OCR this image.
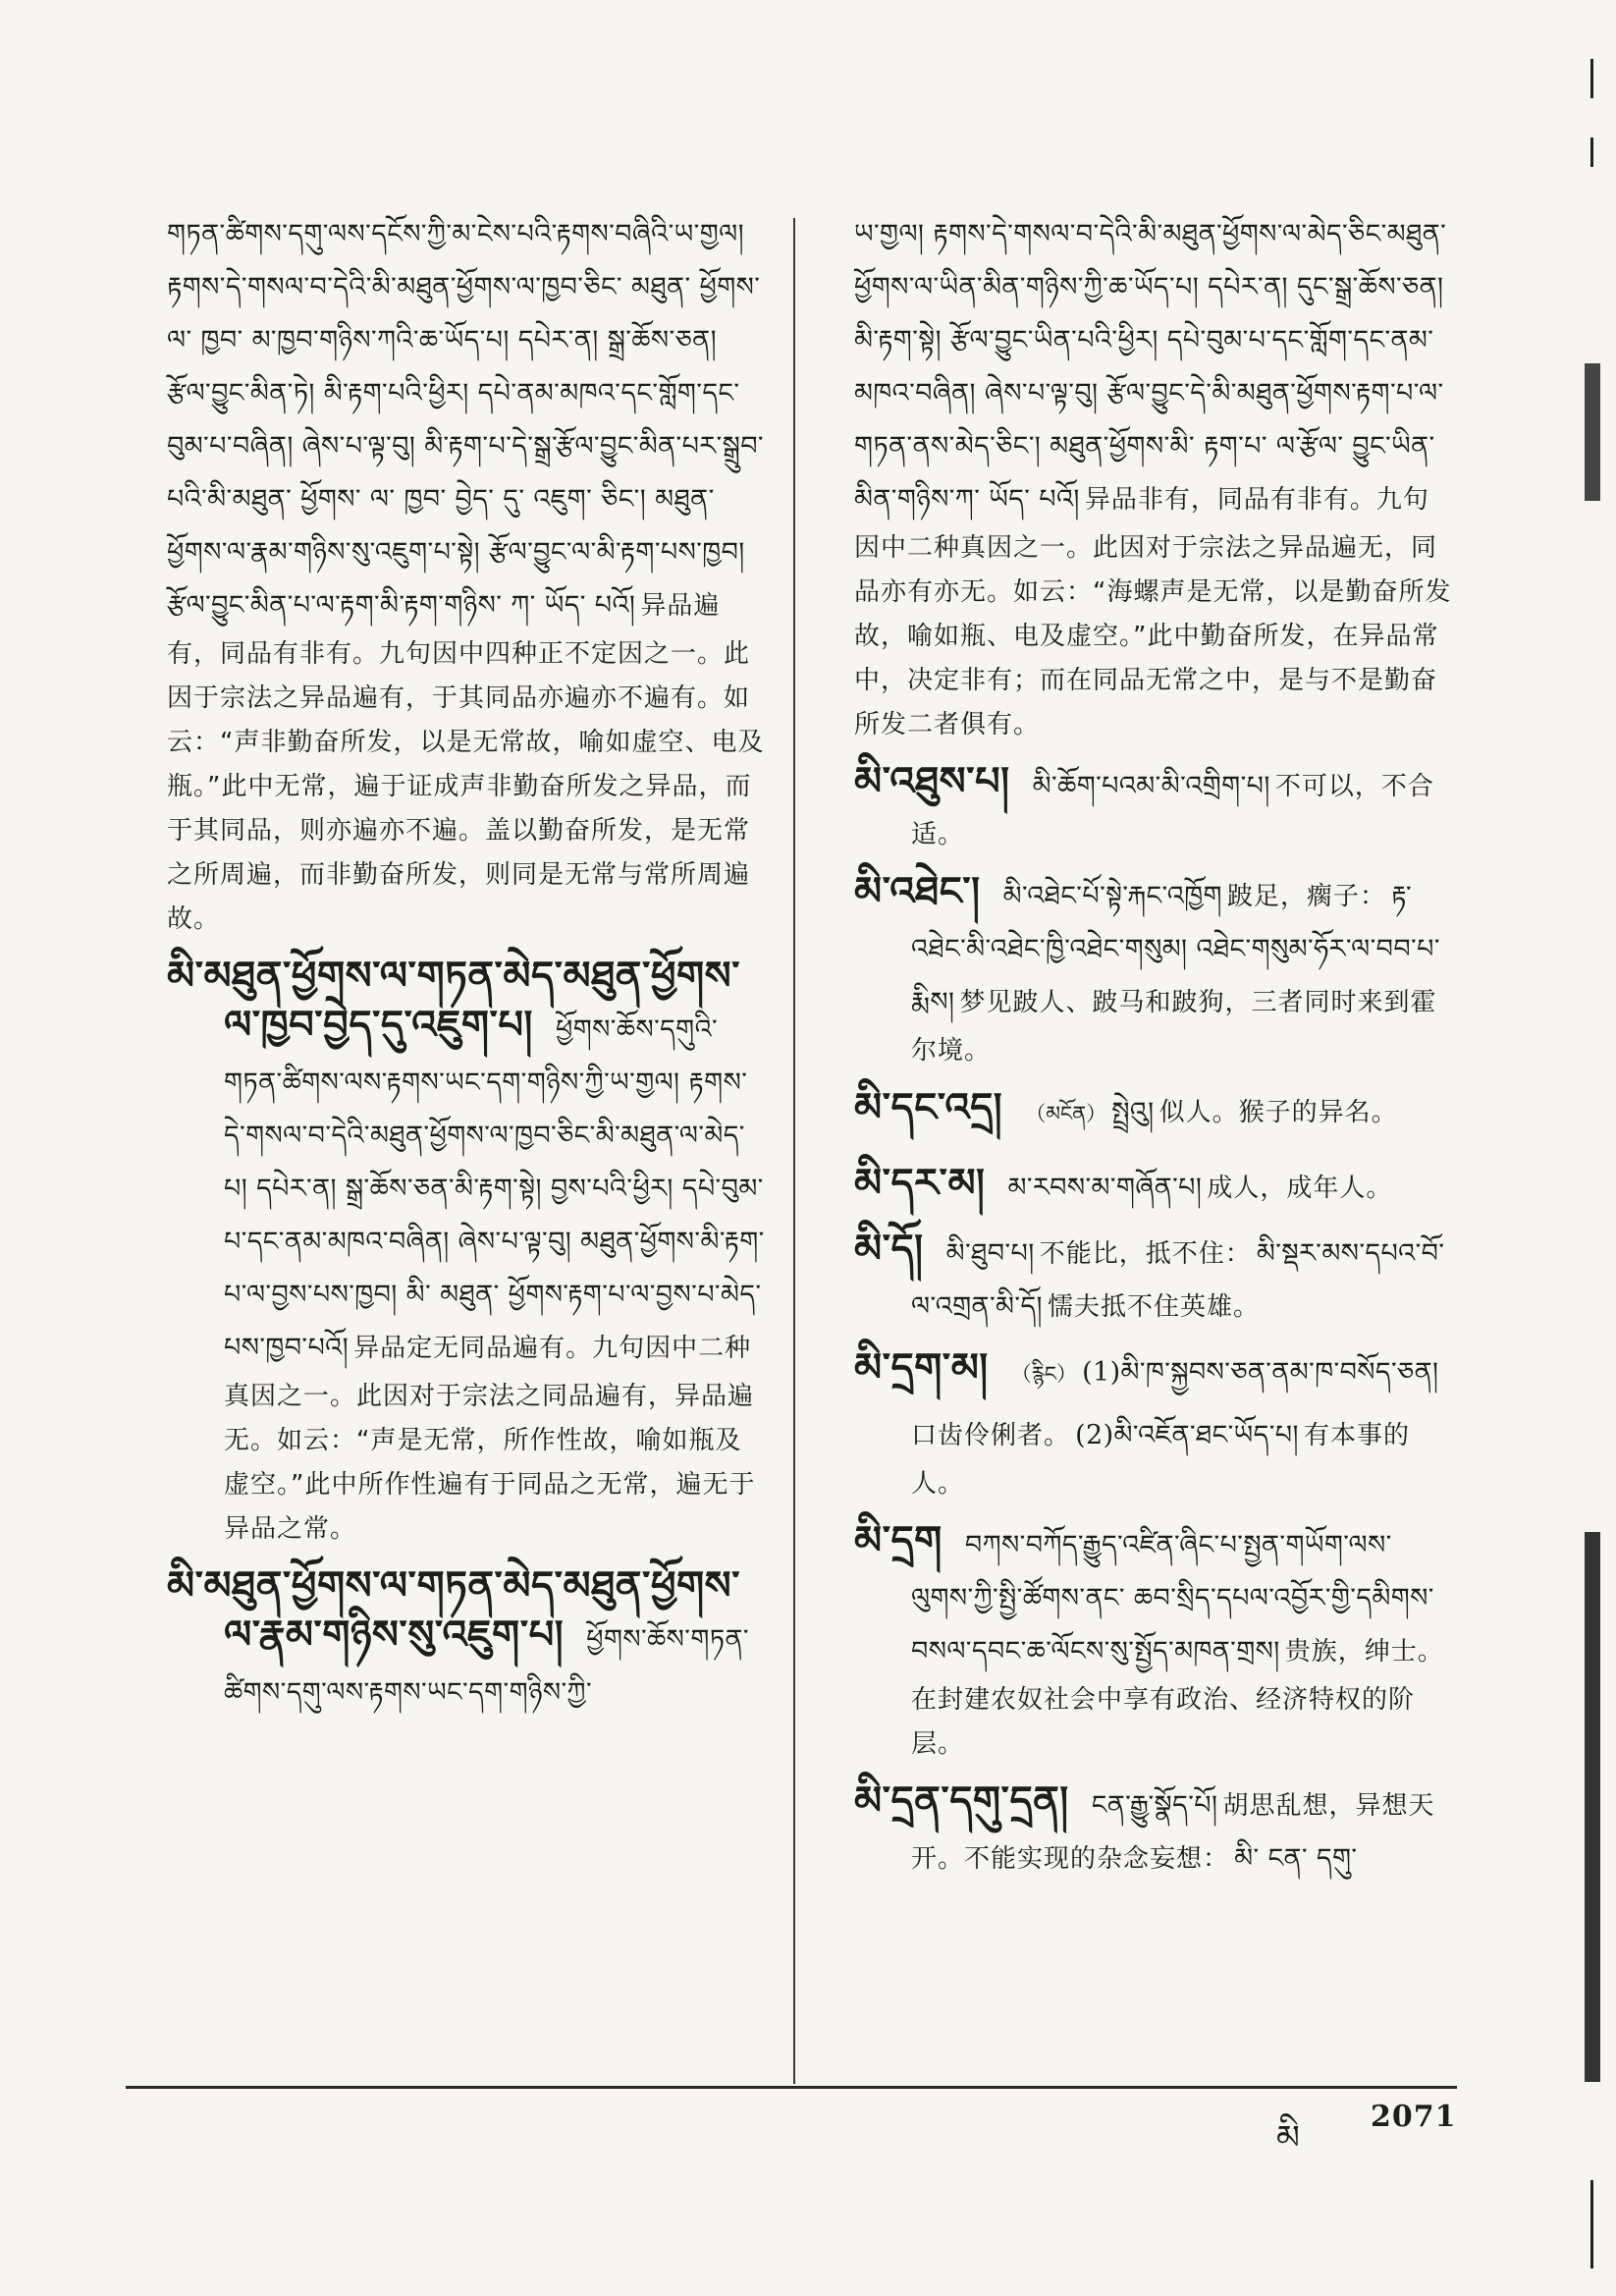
གཏན་ཚིགས་དགུ་ལས་དངོས་ཀྱི་མ་ངེས་པའི་རྟགས་བཞིའི་ཡ་གྱལ། རྟགས་དེ་གསལ་བ་དེའི་མི་མཐུན་ཕྱོགས་ལ་ཁྱབ་ཅིང་ མཐུན་ ཕྱོགས་ལ་ ཁྱབ་ མ་ཁྱབ་གཉིས་ཀའི་ཆ་ཡོད་པ། དཔེར་ན། སྒྲ་ཆོས་ཅན། རྩོལ་བྱུང་མིན་ཏེ། མི་རྟག་པའི་ཕྱིར། དཔེ་ནམ་མཁའ་དང་གློག་དང་བུམ་པ་བཞིན། ཞེས་པ་ལྟ་བུ། མི་རྟག་པ་དེ་སྒྲ་རྩོལ་བྱུང་མིན་པར་སྒྲུབ་པའི་མི་མཐུན་ ཕྱོགས་ ལ་ ཁྱབ་ བྱེད་ དུ་ འཇུག་ ཅིང་། མཐུན་ཕྱོགས་ལ་རྣམ་གཉིས་སུ་འཇུག་པ་སྟེ། རྩོལ་བྱུང་ལ་མི་རྟག་པས་ཁྱབ། རྩོལ་བྱུང་མིན་པ་ལ་རྟག་མི་རྟག་གཉིས་ ཀ་ ཡོད་ པའོ། 异品遍有，同品有非有。九句因中四种正不定因之一。此因于宗法之异品遍有，于其同品亦遍亦不遍有。如云：“声非勤奋所发，以是无常故，喻如虚空、电及瓶。”此中无常，遍于证成声非勤奋所发之异品，而于其同品，则亦遍亦不遍。盖以勤奋所发，是无常之所周遍，而非勤奋所发，则同是无常与常所周遍故。
མི་མཐུན་ཕྱོགས་ལ་གཏན་མེད་མཐུན་ཕྱོགས་ལ་ཁྱབ་བྱེད་དུ་འཇུག་པ། ཕྱོགས་ཆོས་དགུའི་གཏན་ཚིགས་ལས་རྟགས་ཡང་དག་གཉིས་ཀྱི་ཡ་གྱལ། རྟགས་དེ་གསལ་བ་དེའི་མཐུན་ཕྱོགས་ལ་ཁྱབ་ཅིང་མི་མཐུན་ལ་མེད་པ། དཔེར་ན། སྒྲ་ཆོས་ཅན་མི་རྟག་སྟེ། བྱས་པའི་ཕྱིར། དཔེ་བུམ་པ་དང་ནམ་མཁའ་བཞིན། ཞེས་པ་ལྟ་བུ། མཐུན་ཕྱོགས་མི་རྟག་པ་ལ་བྱས་པས་ཁྱབ། མི་ མཐུན་ ཕྱོགས་རྟག་པ་ལ་བྱས་པ་མེད་པས་ཁྱབ་པའོ། 异品定无同品遍有。九句因中二种真因之一。此因对于宗法之同品遍有，异品遍无。如云：“声是无常，所作性故，喻如瓶及虚空。”此中所作性遍有于同品之无常，遍无于异品之常。
མི་མཐུན་ཕྱོགས་ལ་གཏན་མེད་མཐུན་ཕྱོགས་ལ་རྣམ་གཉིས་སུ་འཇུག་པ། ཕྱོགས་ཆོས་གཏན་ཚིགས་དགུ་ལས་རྟགས་ཡང་དག་གཉིས་ཀྱི་
ཡ་གྱལ། རྟགས་དེ་གསལ་བ་དེའི་མི་མཐུན་ཕྱོགས་ལ་མེད་ཅིང་མཐུན་ཕྱོགས་ལ་ཡིན་མིན་གཉིས་ཀྱི་ཆ་ཡོད་པ། དཔེར་ན། དུང་སྒྲ་ཆོས་ཅན། མི་རྟག་སྟེ། རྩོལ་བྱུང་ཡིན་པའི་ཕྱིར། དཔེ་བུམ་པ་དང་གློག་དང་ནམ་མཁའ་བཞིན། ཞེས་པ་ལྟ་བུ། རྩོལ་བྱུང་དེ་མི་མཐུན་ཕྱོགས་རྟག་པ་ལ་གཏན་ནས་མེད་ཅིང་། མཐུན་ཕྱོགས་མི་ རྟག་པ་ ལ་རྩོལ་ བྱུང་ཡིན་མིན་གཉིས་ཀ་ ཡོད་ པའོ། 异品非有，同品有非有。九句因中二种真因之一。此因对于宗法之异品遍无，同品亦有亦无。如云：“海螺声是无常，以是勤奋所发故，喻如瓶、电及虚空。”此中勤奋所发，在异品常中，决定非有；而在同品无常之中，是与不是勤奋所发二者俱有。
མི་འཐུས་པ། མི་ཆོག་པའམ་མི་འགྲིག་པ། 不可以，不合适。
མི་འཐེང་། མི་འཐེང་པོ་སྟེ་རྐང་འཁྱོག 跛足，瘸子： རྟ་འཐེང་མི་འཐེང་ཁྱི་འཐེང་གསུམ། འཐེང་གསུམ་ཧོར་ལ་བབ་པ་རྨིས། 梦见跛人、跛马和跛狗，三者同时来到霍尔境。
མི་དང་འདྲ། （མངོན） སྤྲེའུ། 似人。猴子的异名。
མི་དར་མ། མ་རབས་མ་གཞོན་པ། 成人，成年人。
མི་དོ། མི་ཐུབ་པ། 不能比，抵不住： མི་སྡར་མས་དཔའ་བོ་ལ་འགྲན་མི་དོ། 懦夫抵不住英雄。
མི་དྲག་མ། （རྙིང） (1)མི་ཁ་སྐྱབས་ཅན་ནམ་ཁ་བསོད་ཅན། 口齿伶俐者。 (2)མི་འཇོན་ཐང་ཡོད་པ། 有本事的人。
མི་དྲག བཀས་བཀོད་རྒྱུད་འཛིན་ཞིང་པ་སྤྱན་གཡོག་ལས་ལུགས་ཀྱི་སྤྱི་ཚོགས་ནང་ ཆབ་སྲིད་དཔལ་འབྱོར་གྱི་དམིགས་བསལ་དབང་ཆ་ལོངས་སུ་སྤྱོད་མཁན་གྲས། 贵族，绅士。在封建农奴社会中享有政治、经济特权的阶层。
མི་དྲན་དགུ་དྲན། ངན་རྒྱུ་སྣོད་པོ། 胡思乱想，异想天开。不能实现的杂念妄想： མི་ ངན་ དགུ་
མི
2071
